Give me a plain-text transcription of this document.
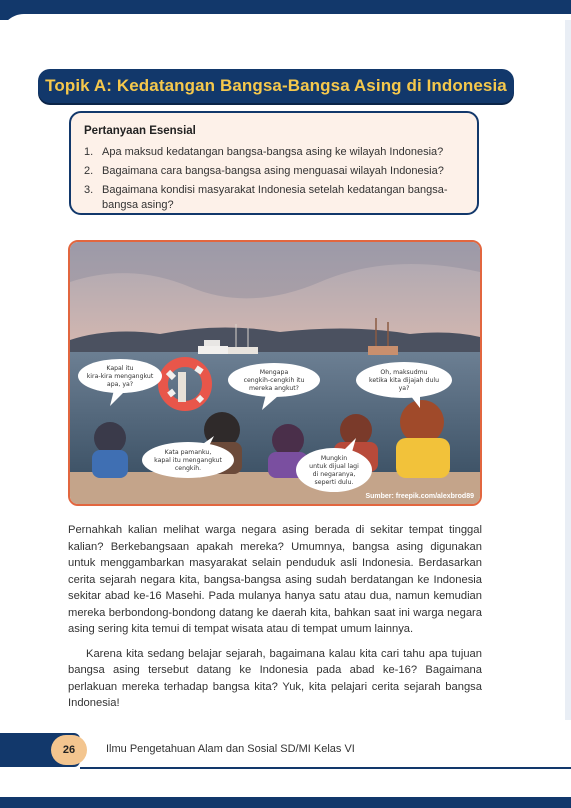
Topik A: Kedatangan Bangsa-Bangsa Asing di Indonesia
Pertanyaan Esensial
1. Apa maksud kedatangan bangsa-bangsa asing ke wilayah Indonesia?
2. Bagaimana cara bangsa-bangsa asing menguasai wilayah Indonesia?
3. Bagaimana kondisi masyarakat Indonesia setelah kedatangan bangsa-bangsa asing?
Kapal itu
kira-kira mengangkut
apa, ya?
Mengapa
cengkih-cengkih itu
mereka angkut?
Oh, maksudmu
ketika kita dijajah dulu
ya?
Kata pamanku,
kapal itu mengangkut
cengkih.
Mungkin
untuk dijual lagi
di negaranya,
seperti dulu.
Sumber: freepik.com/alexbrod89

Pernahkah kalian melihat warga negara asing berada di sekitar tempat tinggal kalian? Berkebangsaan apakah mereka? Umumnya, bangsa asing digunakan untuk menggambarkan masyarakat selain penduduk asli Indonesia. Berdasarkan cerita sejarah negara kita, bangsa-bangsa asing sudah berdatangan ke Indonesia sekitar abad ke-16 Masehi. Pada mulanya hanya satu atau dua, namun kemudian mereka berbondong-bondong datang ke daerah kita, bahkan saat ini warga negara asing sering kita temui di tempat wisata atau di tempat umum lainnya.

Karena kita sedang belajar sejarah, bagaimana kalau kita cari tahu apa tujuan bangsa asing tersebut datang ke Indonesia pada abad ke-16? Bagaimana perlakuan mereka terhadap bangsa kita? Yuk, kita pelajari cerita sejarah bangsa Indonesia!

26	Ilmu Pengetahuan Alam dan Sosial SD/MI Kelas VI
